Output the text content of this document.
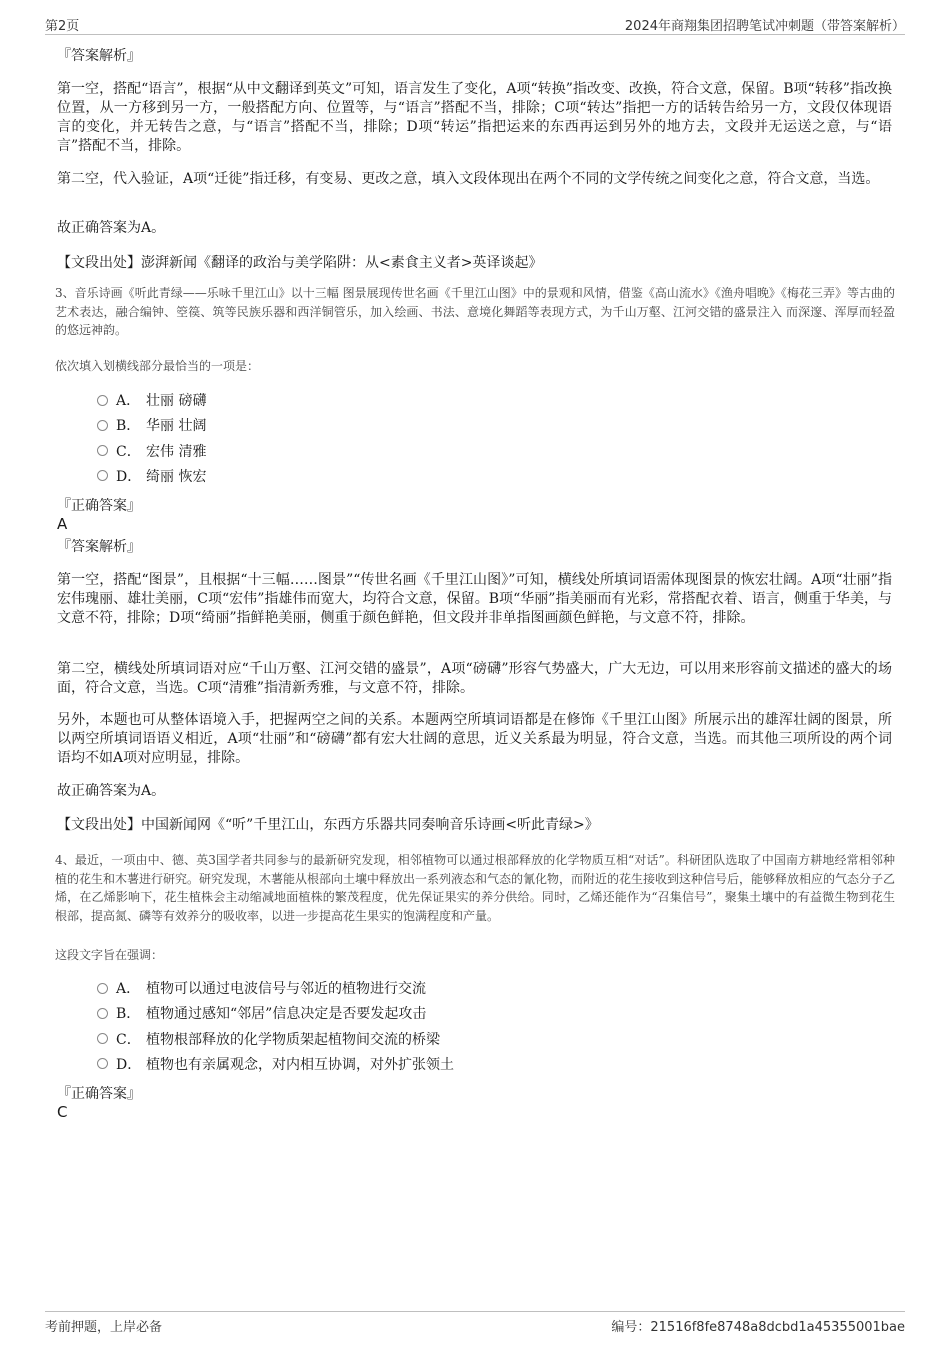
第2页	2024年商翔集团招聘笔试冲刺题（带答案解析）
『答案解析』
第一空，搭配“语言”，根据“从中文翻译到英文”可知，语言发生了变化，A项“转换”指改变、改换，符合文意，保留。B项“转移”指改换位置，从一方移到另一方，一般搭配方向、位置等，与“语言”搭配不当，排除；C项“转达”指把一方的话转告给另一方，文段仅体现语言的变化，并无转告之意，与“语言”搭配不当，排除；D项“转运”指把运来的东西再运到另外的地方去，文段并无运送之意，与“语言”搭配不当，排除。
第二空，代入验证，A项“迁徙”指迁移，有变易、更改之意，填入文段体现出在两个不同的文学传统之间变化之意，符合文意，当选。
故正确答案为A。
【文段出处】澎湃新闻《翻译的政治与美学陷阱：从<素食主义者>英译谈起》
3、音乐诗画《听此青绿——乐咏千里江山》以十三幅 图景展现传世名画《千里江山图》中的景观和风情，借鉴《高山流水》《渔舟唱晚》《梅花三弄》等古曲的艺术表达，融合编钟、箜篌、筑等民族乐器和西洋铜管乐，加入绘画、书法、意境化舞蹈等表现方式，为千山万壑、江河交错的盛景注入 而深邃、浑厚而轻盈的悠远神韵。
依次填入划横线部分最恰当的一项是：
A． 壮丽 磅礴
B． 华丽 壮阔
C． 宏伟 清雅
D． 绮丽 恢宏
『正确答案』
A
『答案解析』
第一空，搭配“图景”，且根据“十三幅……图景”“传世名画《千里江山图》”可知，横线处所填词语需体现图景的恢宏壮阔。A项“壮丽”指宏伟瑰丽、雄壮美丽，C项“宏伟”指雄伟而宽大，均符合文意，保留。B项“华丽”指美丽而有光彩，常搭配衣着、语言，侧重于华美，与文意不符，排除；D项“绮丽”指鲜艳美丽，侧重于颜色鲜艳，但文段并非单指图画颜色鲜艳，与文意不符，排除。
第二空，横线处所填词语对应“千山万壑、江河交错的盛景”，A项“磅礴”形容气势盛大，广大无边，可以用来形容前文描述的盛大的场面，符合文意，当选。C项“清雅”指清新秀雅，与文意不符，排除。
另外，本题也可从整体语境入手，把握两空之间的关系。本题两空所填词语都是在修饰《千里江山图》所展示出的雄浑壮阔的图景，所以两空所填词语语义相近，A项“壮丽”和“磅礴”都有宏大壮阔的意思，近义关系最为明显，符合文意，当选。而其他三项所设的两个词语均不如A项对应明显，排除。
故正确答案为A。
【文段出处】中国新闻网《“听”千里江山，东西方乐器共同奏响音乐诗画<听此青绿>》
4、最近，一项由中、德、英3国学者共同参与的最新研究发现，相邻植物可以通过根部释放的化学物质互相“对话”。科研团队选取了中国南方耕地经常相邻种植的花生和木薯进行研究。研究发现，木薯能从根部向土壤中释放出一系列液态和气态的氰化物，而附近的花生接收到这种信号后，能够释放相应的气态分子乙烯，在乙烯影响下，花生植株会主动缩减地面植株的繁茂程度，优先保证果实的养分供给。同时，乙烯还能作为“召集信号”，聚集土壤中的有益微生物到花生根部，提高氮、磷等有效养分的吸收率，以进一步提高花生果实的饱满程度和产量。
这段文字旨在强调：
A． 植物可以通过电波信号与邻近的植物进行交流
B． 植物通过感知“邻居”信息决定是否要发起攻击
C． 植物根部释放的化学物质架起植物间交流的桥梁
D． 植物也有亲属观念，对内相互协调，对外扩张领土
『正确答案』
C
考前押题，上岸必备	编号：21516f8fe8748a8dcbd1a45355001bae
